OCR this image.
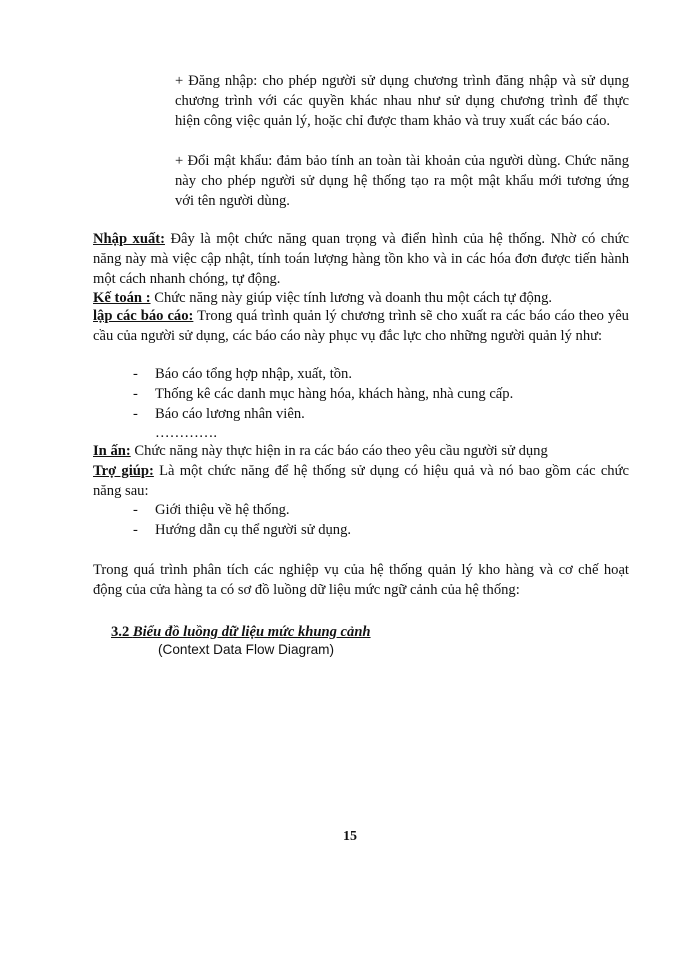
+ Đăng nhập: cho phép người sử dụng chương trình đăng nhập và sử dụng chương trình với các quyền khác nhau như sử dụng chương trình để thực hiện công việc quản lý, hoặc chỉ được tham khảo và truy xuất các báo cáo.

+ Đổi mật khẩu: đảm bảo tính an toàn tài khoản của người dùng. Chức năng này cho phép người sử dụng hệ thống tạo ra một mật khẩu mới tương ứng với tên người dùng.

Nhập xuất: Đây là một chức năng quan trọng và điển hình của hệ thống. Nhờ có chức năng này mà việc cập nhật, tính toán lượng hàng tồn kho và in các hóa đơn được tiến hành một cách nhanh chóng, tự động.

Kế toán : Chức năng này giúp việc tính lương và doanh thu một cách tự động.

lập các báo cáo: Trong quá trình quản lý chương trình sẽ cho xuất ra các báo cáo theo yêu cầu của người sử dụng, các báo cáo này phục vụ đắc lực cho những người quản lý như:

- Báo cáo tổng hợp nhập, xuất, tồn.

- Thống kê các danh mục hàng hóa, khách hàng, nhà cung cấp.

- Báo cáo lương nhân viên.

………….

In ấn: Chức năng này thực hiện in ra các báo cáo theo yêu cầu người sử dụng

Trợ giúp: Là một chức năng để hệ thống sử dụng có hiệu quả và nó bao gồm các chức năng sau:

- Giới thiệu về hệ thống.

- Hướng dẫn cụ thể người sử dụng.

Trong quá trình phân tích các nghiệp vụ của hệ thống quản lý kho hàng và cơ chế hoạt động của cửa hàng ta có sơ đồ luồng dữ liệu mức ngữ cảnh của hệ thống:

3.2 Biểu đồ luồng dữ liệu mức khung cảnh

(Context Data Flow Diagram)

15
